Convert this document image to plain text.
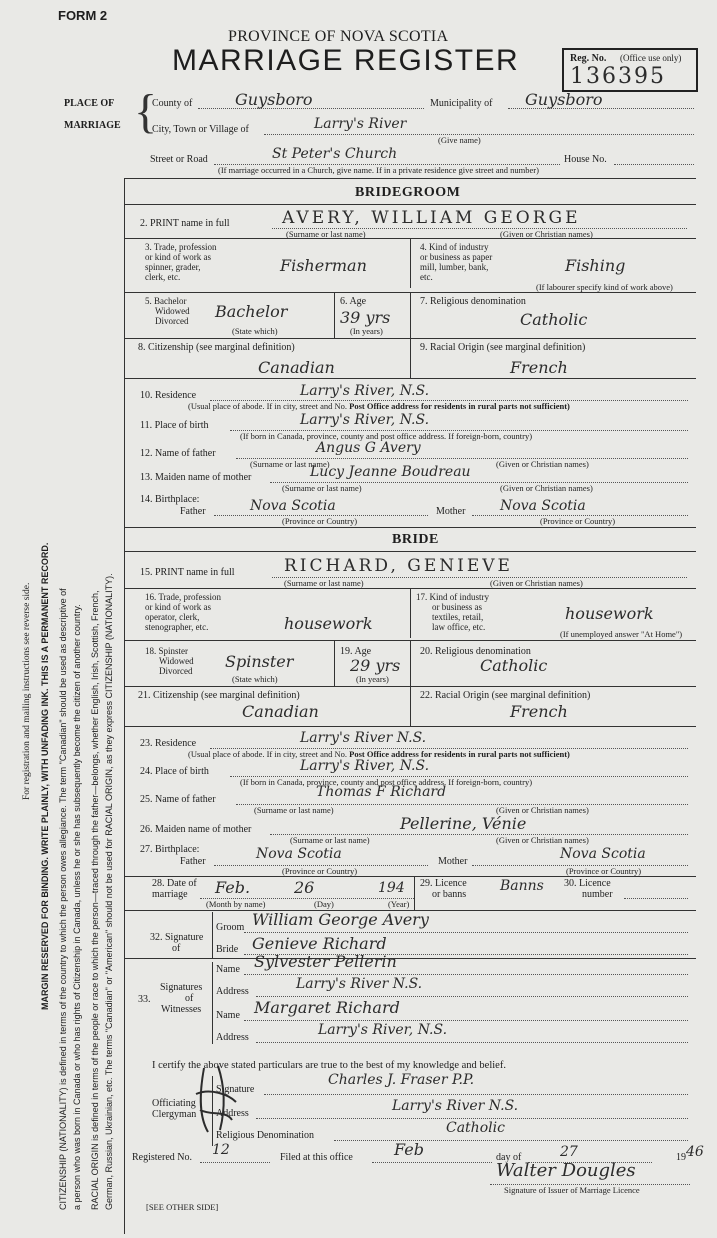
For registration and mailing instructions see reverse side. MARGIN RESERVED FOR BINDING. WRITE PLAINLY, WITH UNFADING INK. THIS IS A PERMANENT RECORD. CITIZENSHIP (NATIONALITY) is defined in terms of the country to which the person owes allegiance. The term "Canadian" should be used as descriptive of a person who was born in Canada or who has rights of Citizenship in Canada, unless he or she has subsequently become the citizen of another country. RACIAL ORIGIN is defined in terms of the people or race to which the person—traced through the father—belongs, whether English, Irish, Scottish, French, German, Russian, Ukrainian, etc. The terms "Canadian" or "American" should not be used for RACIAL ORIGIN, as they express CITIZENSHIP (NATIONALITY).
FORM 2
PROVINCE OF NOVA SCOTIA
MARRIAGE REGISTER	Reg. No. (Office use only)
136395
PLACE OF
MARRIAGE {
County of	Guysboro	Municipality of Guysboro
City, Town or Village of	Larry's River
(Give name)
Street or Road	St Peter's Church	House No.
(If marriage occurred in a Church, give name. If in a private residence give street and number)
BRIDEGROOM
2. PRINT name in full	AVERY, WILLIAM GEORGE
(Surname or last name)	(Given or Christian names)
3. Trade, profession
or kind of work as
spinner, grader,
clerk, etc.
Fisherman
4. Kind of industry
or business as paper
mill, lumber, bank,
etc.
Fishing
(If labourer specify kind of work above)
5. Bachelor
Widowed
Divorced Bachelor
(State which)
6. Age
39 yrs
(In years)
7. Religious denomination
Catholic
8. Citizenship (see marginal definition)
Canadian
9. Racial Origin (see marginal definition)
French
10. Residence	Larry's River, N.S.
(Usual place of abode. If in city, street and No. Post Office address for residents in rural parts not sufficient)
11. Place of birth	Larry's River, N.S.
(If born in Canada, province, county and post office address. If foreign-born, country)
12. Name of father	Angus G Avery
(Surname or last name)	(Given or Christian names)
13. Maiden name of mother	Lucy Jeanne Boudreau
(Surname or last name)	(Given or Christian names)
14. Birthplace:
Father	Nova Scotia	Mother Nova Scotia
(Province or Country)	(Province or Country)
BRIDE
15. PRINT name in full	RICHARD, GENIEVE
(Surname or last name)	(Given or Christian names)
16. Trade, profession
or kind of work as
operator, clerk,
stenographer, etc.	housework
17. Kind of industry
or business as
textiles, retail,
law office, etc.
housework
(If unemployed answer "At Home")
18. Spinster
Widowed
Divorced Spinster
(State which)
19. Age
29 yrs
(In years)
20. Religious denomination
Catholic
21. Citizenship (see marginal definition)
Canadian
22. Racial Origin (see marginal definition)
French
23. Residence	Larry's River N.S.
(Usual place of abode. If in city, street and No. Post Office address for residents in rural parts not sufficient)
24. Place of birth	Larry's River, N.S.
(If born in Canada, province, county and post office address. If foreign-born, country)
25. Name of father	Thomas F Richard
(Surname or last name)	(Given or Christian names)
26. Maiden name of mother	Pellerine, Vénie
(Surname or last name)	(Given or Christian names)
27. Birthplace:
Father	Nova Scotia	Mother	Nova Scotia
(Province or Country)	(Province or Country)
28. Date of
marriage	Feb.	26	194
(Month by name)	(Day)	(Year)
29. Licence
or banns
Banns 30. Licence
number
32. Signature
of
Groom William George Avery
Bride Genieve Richard
33.
Signatures
of
Witnesses
Name Sylvester Pellerin
Address	Larry's River N.S.
Name Margaret Richard
Address	Larry's River, N.S.
I certify the above stated particulars are true to the best of my knowledge and belief.
Officiating
Clergyman
Signature
Charles J. Fraser P.P.
Address	Larry's River N.S.
Religious Denomination	Catholic
Registered No. 12	Filed at this office	Feb	day of	27	19 46
Walter Dougles
Signature of Issuer of Marriage Licence
[SEE OTHER SIDE]
